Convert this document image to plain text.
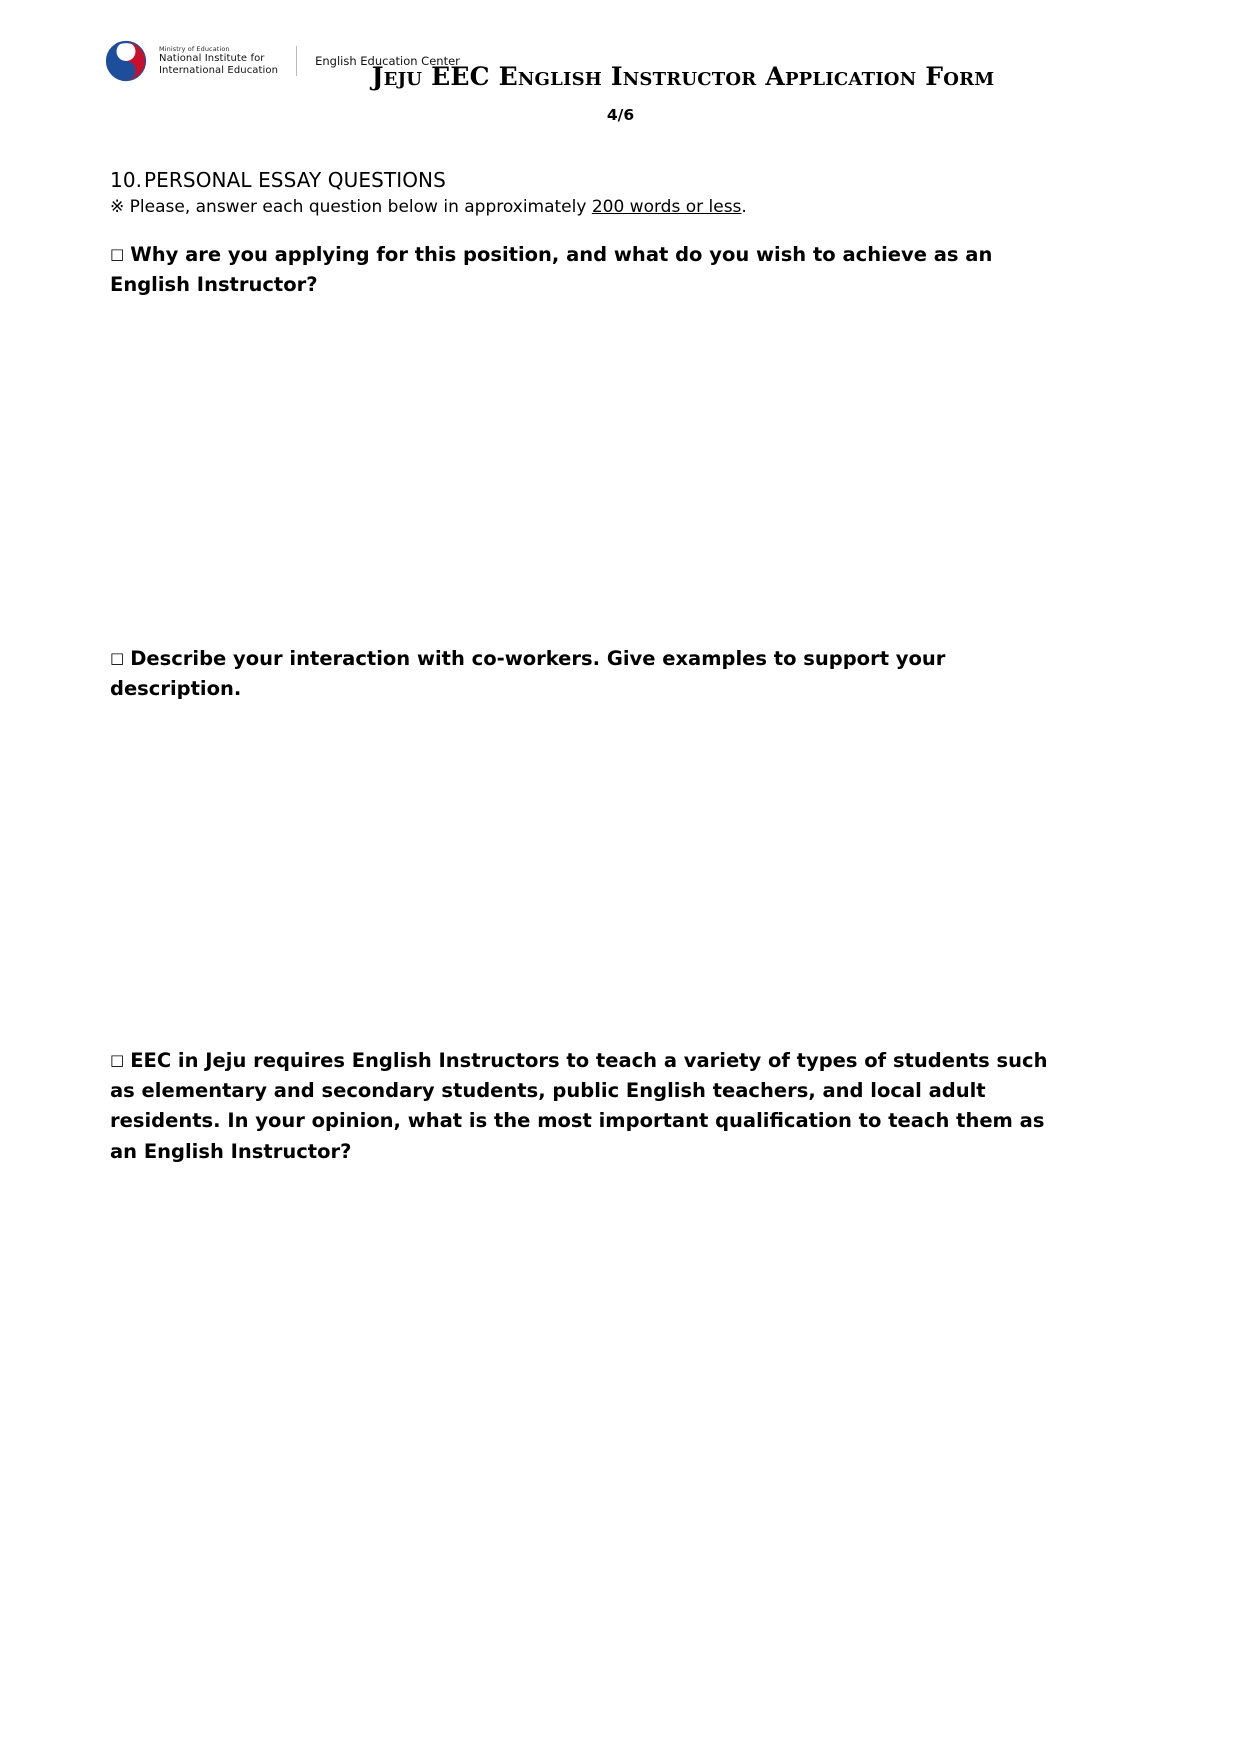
Ministry of Education
National Institute for
International Education
English Education Center
Jeju EEC English Instructor Application Form
4/6
10.PERSONAL ESSAY QUESTIONS
※ Please, answer each question below in approximately 200 words or less.
□ Why are you applying for this position, and what do you wish to achieve as an English Instructor?
□ Describe your interaction with co-workers. Give examples to support your description.
□ EEC in Jeju requires English Instructors to teach a variety of types of students such as elementary and secondary students, public English teachers, and local adult residents. In your opinion, what is the most important qualification to teach them as an English Instructor?
